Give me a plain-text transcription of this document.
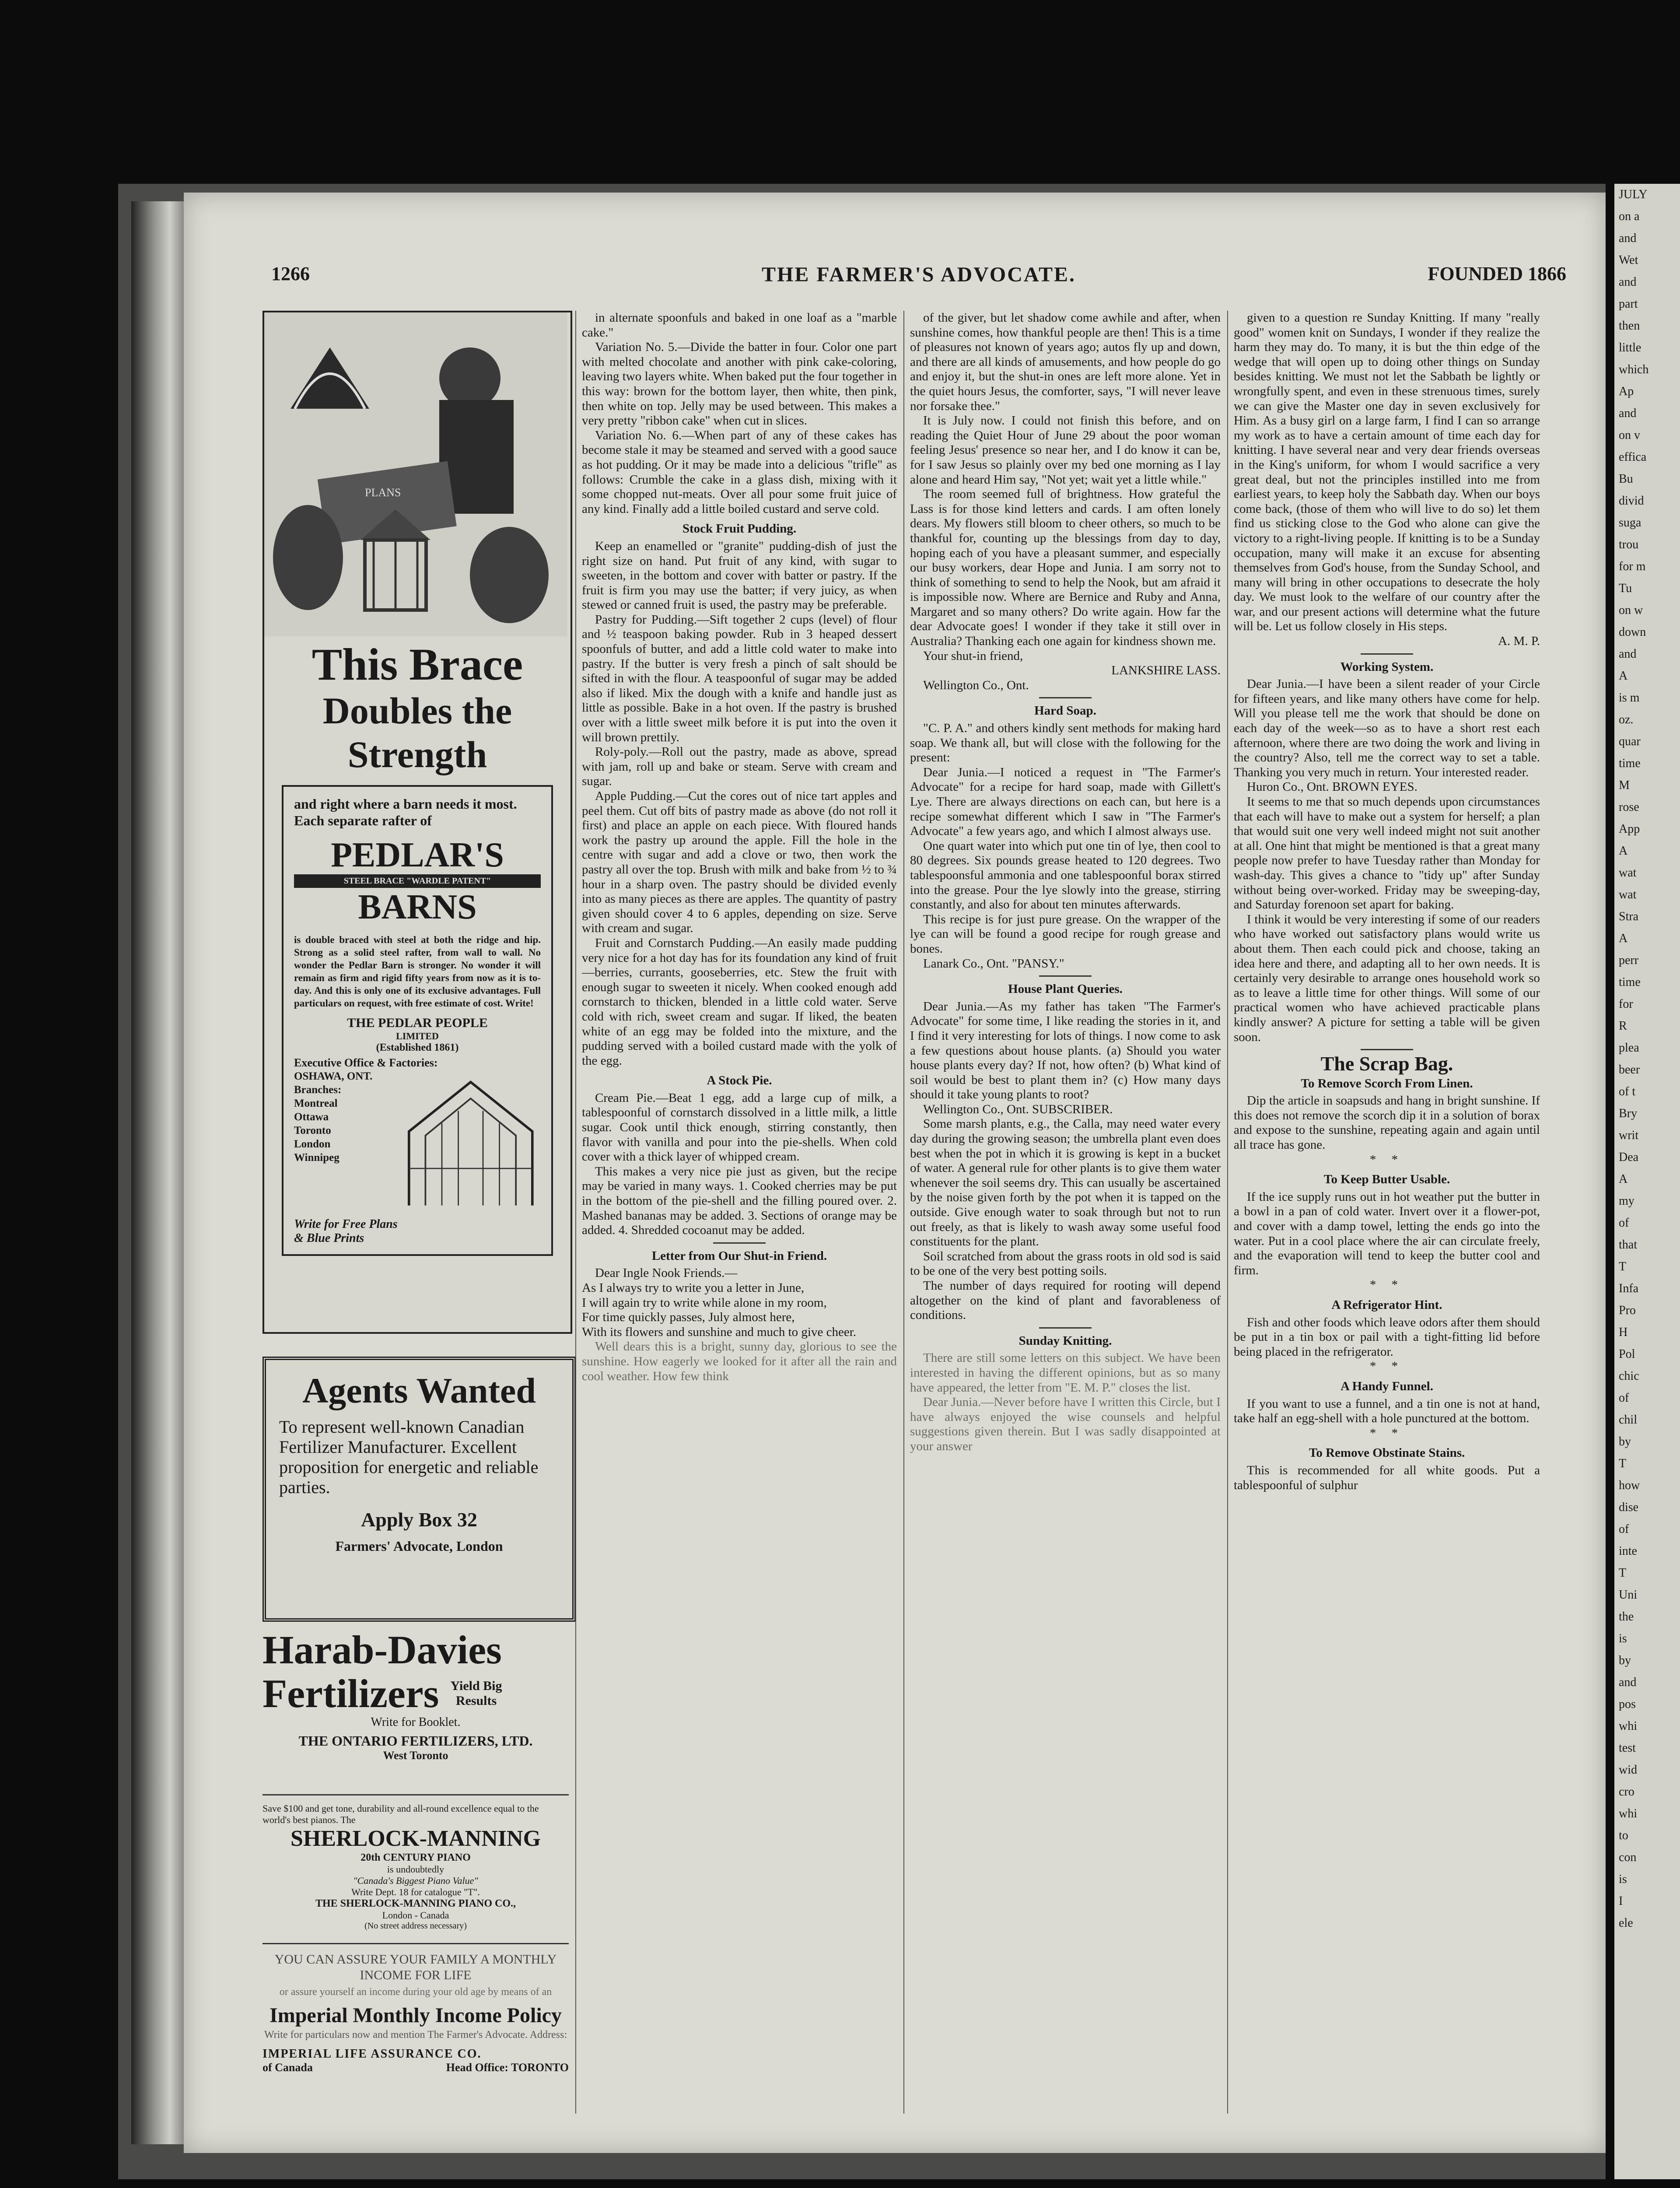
1266	THE FARMER'S ADVOCATE.	FOUNDED 1866
PLANS
This Brace
Doubles the Strength
and right where a barn needs it most. Each separate rafter of
PEDLAR'S
STEEL BRACE "WARDLE PATENT"
BARNS
is double braced with steel at both the ridge and hip. Strong as a solid steel rafter, from wall to wall. No wonder the Pedlar Barn is stronger. No wonder it will remain as firm and rigid fifty years from now as it is to-day. And this is only one of its exclusive advantages. Full particulars on request, with free estimate of cost. Write!
THE PEDLAR PEOPLE
LIMITED
(Established 1861)
Executive Office & Factories:
OSHAWA, ONT.
Branches:
Montreal
Ottawa
Toronto
London
Winnipeg
Write for Free Plans
& Blue Prints
Agents Wanted
To represent well-known Canadian Fertilizer Manufacturer. Excellent proposition for energetic and reliable parties.
Apply Box 32
Farmers' Advocate, London
Harab-Davies
Fertilizers Yield Big Results
Write for Booklet.
THE ONTARIO FERTILIZERS, LTD.
West Toronto
Save $100 and get tone, durability and all-round excellence equal to the world's best pianos. The
SHERLOCK-MANNING
20th CENTURY PIANO
is undoubtedly
"Canada's Biggest Piano Value"
Write Dept. 18 for catalogue "T".
THE SHERLOCK-MANNING PIANO CO.,
London - Canada
(No street address necessary)
YOU CAN ASSURE YOUR FAMILY A MONTHLY INCOME FOR LIFE
or assure yourself an income during your old age by means of an
Imperial Monthly Income Policy
Write for particulars now and mention The Farmer's Advocate. Address:
IMPERIAL LIFE ASSURANCE CO.
of Canada	Head Office: TORONTO

in alternate spoonfuls and baked in one loaf as a "marble cake."

Variation No. 5.—Divide the batter in four. Color one part with melted chocolate and another with pink cake-coloring, leaving two layers white. When baked put the four together in this way: brown for the bottom layer, then white, then pink, then white on top. Jelly may be used between. This makes a very pretty "ribbon cake" when cut in slices.

Variation No. 6.—When part of any of these cakes has become stale it may be steamed and served with a good sauce as hot pudding. Or it may be made into a delicious "trifle" as follows: Crumble the cake in a glass dish, mixing with it some chopped nut-meats. Over all pour some fruit juice of any kind. Finally add a little boiled custard and serve cold.

Stock Fruit Pudding.

Keep an enamelled or "granite" pudding-dish of just the right size on hand. Put fruit of any kind, with sugar to sweeten, in the bottom and cover with batter or pastry. If the fruit is firm you may use the batter; if very juicy, as when stewed or canned fruit is used, the pastry may be preferable.

Pastry for Pudding.—Sift together 2 cups (level) of flour and ½ teaspoon baking powder. Rub in 3 heaped dessert spoonfuls of butter, and add a little cold water to make into pastry. If the butter is very fresh a pinch of salt should be sifted in with the flour. A teaspoonful of sugar may be added also if liked. Mix the dough with a knife and handle just as little as possible. Bake in a hot oven. If the pastry is brushed over with a little sweet milk before it is put into the oven it will brown prettily.

Roly-poly.—Roll out the pastry, made as above, spread with jam, roll up and bake or steam. Serve with cream and sugar.

Apple Pudding.—Cut the cores out of nice tart apples and peel them. Cut off bits of pastry made as above (do not roll it first) and place an apple on each piece. With floured hands work the pastry up around the apple. Fill the hole in the centre with sugar and add a clove or two, then work the pastry all over the top. Brush with milk and bake from ½ to ¾ hour in a sharp oven. The pastry should be divided evenly into as many pieces as there are apples. The quantity of pastry given should cover 4 to 6 apples, depending on size. Serve with cream and sugar.

Fruit and Cornstarch Pudding.—An easily made pudding very nice for a hot day has for its foundation any kind of fruit—berries, currants, gooseberries, etc. Stew the fruit with enough sugar to sweeten it nicely. When cooked enough add cornstarch to thicken, blended in a little cold water. Serve cold with rich, sweet cream and sugar. If liked, the beaten white of an egg may be folded into the mixture, and the pudding served with a boiled custard made with the yolk of the egg.

A Stock Pie.

Cream Pie.—Beat 1 egg, add a large cup of milk, a tablespoonful of cornstarch dissolved in a little milk, a little sugar. Cook until thick enough, stirring constantly, then flavor with vanilla and pour into the pie-shells. When cold cover with a thick layer of whipped cream.

This makes a very nice pie just as given, but the recipe may be varied in many ways. 1. Cooked cherries may be put in the bottom of the pie-shell and the filling poured over. 2. Mashed bananas may be added. 3. Sections of orange may be added. 4. Shredded cocoanut may be added.

Letter from Our Shut-in Friend.

Dear Ingle Nook Friends.—

As I always try to write you a letter in June,

I will again try to write while alone in my room,

For time quickly passes, July almost here,

With its flowers and sunshine and much to give cheer.

Well dears this is a bright, sunny day, glorious to see the sunshine. How eagerly we looked for it after all the rain and cool weather. How few think

of the giver, but let shadow come awhile and after, when sunshine comes, how thankful people are then! This is a time of pleasures not known of years ago; autos fly up and down, and there are all kinds of amusements, and how people do go and enjoy it, but the shut-in ones are left more alone. Yet in the quiet hours Jesus, the comforter, says, "I will never leave nor forsake thee."

It is July now. I could not finish this before, and on reading the Quiet Hour of June 29 about the poor woman feeling Jesus' presence so near her, and I do know it can be, for I saw Jesus so plainly over my bed one morning as I lay alone and heard Him say, "Not yet; wait yet a little while."

The room seemed full of brightness. How grateful the Lass is for those kind letters and cards. I am often lonely dears. My flowers still bloom to cheer others, so much to be thankful for, counting up the blessings from day to day, hoping each of you have a pleasant summer, and especially our busy workers, dear Hope and Junia. I am sorry not to think of something to send to help the Nook, but am afraid it is impossible now. Where are Bernice and Ruby and Anna, Margaret and so many others? Do write again. How far the dear Advocate goes! I wonder if they take it still over in Australia? Thanking each one again for kindness shown me.

Your shut-in friend,

LANKSHIRE LASS.

Wellington Co., Ont.

Hard Soap.

"C. P. A." and others kindly sent methods for making hard soap. We thank all, but will close with the following for the present:

Dear Junia.—I noticed a request in "The Farmer's Advocate" for a recipe for hard soap, made with Gillett's Lye. There are always directions on each can, but here is a recipe somewhat different which I saw in "The Farmer's Advocate" a few years ago, and which I almost always use.

One quart water into which put one tin of lye, then cool to 80 degrees. Six pounds grease heated to 120 degrees. Two tablespoonsful ammonia and one tablespoonful borax stirred into the grease. Pour the lye slowly into the grease, stirring constantly, and also for about ten minutes afterwards.

This recipe is for just pure grease. On the wrapper of the lye can will be found a good recipe for rough grease and bones.

Lanark Co., Ont. "PANSY."

House Plant Queries.

Dear Junia.—As my father has taken "The Farmer's Advocate" for some time, I like reading the stories in it, and I find it very interesting for lots of things. I now come to ask a few questions about house plants. (a) Should you water house plants every day? If not, how often? (b) What kind of soil would be best to plant them in? (c) How many days should it take young plants to root?

Wellington Co., Ont. SUBSCRIBER.

Some marsh plants, e.g., the Calla, may need water every day during the growing season; the umbrella plant even does best when the pot in which it is growing is kept in a bucket of water. A general rule for other plants is to give them water whenever the soil seems dry. This can usually be ascertained by the noise given forth by the pot when it is tapped on the outside. Give enough water to soak through but not to run out freely, as that is likely to wash away some useful food constituents for the plant.

Soil scratched from about the grass roots in old sod is said to be one of the very best potting soils.

The number of days required for rooting will depend altogether on the kind of plant and favorableness of conditions.

Sunday Knitting.

There are still some letters on this subject. We have been interested in having the different opinions, but as so many have appeared, the letter from "E. M. P." closes the list.

Dear Junia.—Never before have I written this Circle, but I have always enjoyed the wise counsels and helpful suggestions given therein. But I was sadly disappointed at your answer

given to a question re Sunday Knitting. If many "really good" women knit on Sundays, I wonder if they realize the harm they may do. To many, it is but the thin edge of the wedge that will open up to doing other things on Sunday besides knitting. We must not let the Sabbath be lightly or wrongfully spent, and even in these strenuous times, surely we can give the Master one day in seven exclusively for Him. As a busy girl on a large farm, I find I can so arrange my work as to have a certain amount of time each day for knitting. I have several near and very dear friends overseas in the King's uniform, for whom I would sacrifice a very great deal, but not the principles instilled into me from earliest years, to keep holy the Sabbath day. When our boys come back, (those of them who will live to do so) let them find us sticking close to the God who alone can give the victory to a right-living people. If knitting is to be a Sunday occupation, many will make it an excuse for absenting themselves from God's house, from the Sunday School, and many will bring in other occupations to desecrate the holy day. We must look to the welfare of our country after the war, and our present actions will determine what the future will be. Let us follow closely in His steps.

A. M. P.

Working System.

Dear Junia.—I have been a silent reader of your Circle for fifteen years, and like many others have come for help. Will you please tell me the work that should be done on each day of the week—so as to have a short rest each afternoon, where there are two doing the work and living in the country? Also, tell me the correct way to set a table. Thanking you very much in return. Your interested reader.

Huron Co., Ont. BROWN EYES.

It seems to me that so much depends upon circumstances that each will have to make out a system for herself; a plan that would suit one very well indeed might not suit another at all. One hint that might be mentioned is that a great many people now prefer to have Tuesday rather than Monday for wash-day. This gives a chance to "tidy up" after Sunday without being over-worked. Friday may be sweeping-day, and Saturday forenoon set apart for baking.

I think it would be very interesting if some of our readers who have worked out satisfactory plans would write us about them. Then each could pick and choose, taking an idea here and there, and adapting all to her own needs. It is certainly very desirable to arrange ones household work so as to leave a little time for other things. Will some of our practical women who have achieved practicable plans kindly answer? A picture for setting a table will be given soon.

The Scrap Bag.
To Remove Scorch From Linen.

Dip the article in soapsuds and hang in bright sunshine. If this does not remove the scorch dip it in a solution of borax and expose to the sunshine, repeating again and again until all trace has gone.

* *

To Keep Butter Usable.

If the ice supply runs out in hot weather put the butter in a bowl in a pan of cold water. Invert over it a flower-pot, and cover with a damp towel, letting the ends go into the water. Put in a cool place where the air can circulate freely, and the evaporation will tend to keep the butter cool and firm.

* *

A Refrigerator Hint.

Fish and other foods which leave odors after them should be put in a tin box or pail with a tight-fitting lid before being placed in the refrigerator.

* *

A Handy Funnel.

If you want to use a funnel, and a tin one is not at hand, take half an egg-shell with a hole punctured at the bottom.

* *

To Remove Obstinate Stains.

This is recommended for all white goods. Put a tablespoonful of sulphur

JULY
on a
and
Wet
and
part
then
little
which
Ap
and
on v
effica
Bu
divid
suga
trou
for m
Tu
on w
down
and
A
is m
oz.
quar
time
M
rose
App
A
wat
wat
Stra
A
perr
time
for
R
plea
beer
of t
Bry
writ
Dea
A
my
of
that
T
Infa
Pro
H
Pol
chic
of
chil
by
T
how
dise
of
inte
T
Uni
the
is
by
and
pos
whi
test
wid
cro
whi
to
con
is
I
ele
